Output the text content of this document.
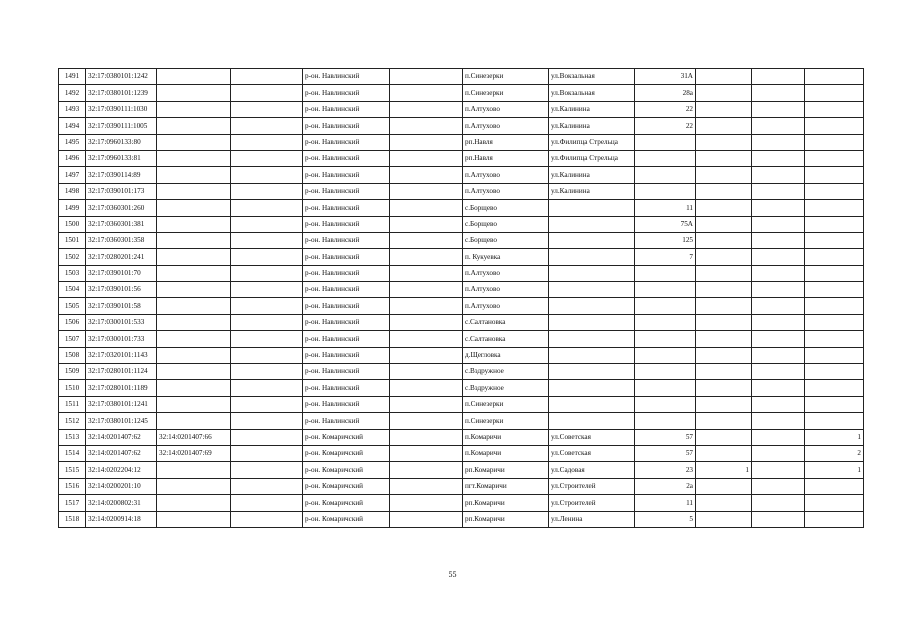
1491	32:17:0380101:1242			р-он. Навлинский		п.Синезерки	ул.Вокзальная	31А			
1492	32:17:0380101:1239			р-он. Навлинский		п.Синезерки	ул.Вокзальная	28а			
1493	32:17:0390111:1030			р-он. Навлинский		п.Алтухово	ул.Калинина	22			
1494	32:17:0390111:1005			р-он. Навлинский		п.Алтухово	ул.Калинина	22			
1495	32:17:0960133:80			р-он. Навлинский		рп.Навля	ул.Филипца Стрельца				
1496	32:17:0960133:81			р-он. Навлинский		рп.Навля	ул.Филипца Стрельца				
1497	32:17:0390114:89			р-он. Навлинский		п.Алтухово	ул.Калинина				
1498	32:17:0390101:173			р-он. Навлинский		п.Алтухово	ул.Калинина				
1499	32:17:0360301:260			р-он. Навлинский		с.Борщево		11			
1500	32:17:0360301:381			р-он. Навлинский		с.Борщево		75А			
1501	32:17:0360301:358			р-он. Навлинский		с.Борщево		125			
1502	32:17:0280201:241			р-он. Навлинский		п. Кукуевка		7			
1503	32:17:0390101:70			р-он. Навлинский		п.Алтухово					
1504	32:17:0390101:56			р-он. Навлинский		п.Алтухово					
1505	32:17:0390101:58			р-он. Навлинский		п.Алтухово					
1506	32:17:0300101:533			р-он. Навлинский		с.Салтановка					
1507	32:17:0300101:733			р-он. Навлинский		с.Салтановка					
1508	32:17:0320101:1143			р-он. Навлинский		д.Щегловка					
1509	32:17:0280101:1124			р-он. Навлинский		с.Вздружное					
1510	32:17:0280101:1189			р-он. Навлинский		с.Вздружное					
1511	32:17:0380101:1241			р-он. Навлинский		п.Синезерки					
1512	32:17:0380101:1245			р-он. Навлинский		п.Синезерки					
1513	32:14:0201407:62	32:14:0201407:66		р-он. Комаричский		п.Комаричи	ул.Советская	57			1
1514	32:14:0201407:62	32:14:0201407:69		р-он. Комаричский		п.Комаричи	ул.Советская	57			2
1515	32:14:0202204:12			р-он. Комаричский		рп.Комаричи	ул.Садовая	23	1		1
1516	32:14:0200201:10			р-он. Комаричский		пгт.Комаричи	ул.Строителей	2а			
1517	32:14:0200802:31			р-он. Комаричский		рп.Комаричи	ул.Строителей	11			
1518	32:14:0200914:18			р-он. Комаричский		рп.Комаричи	ул.Ленина	5			
55
